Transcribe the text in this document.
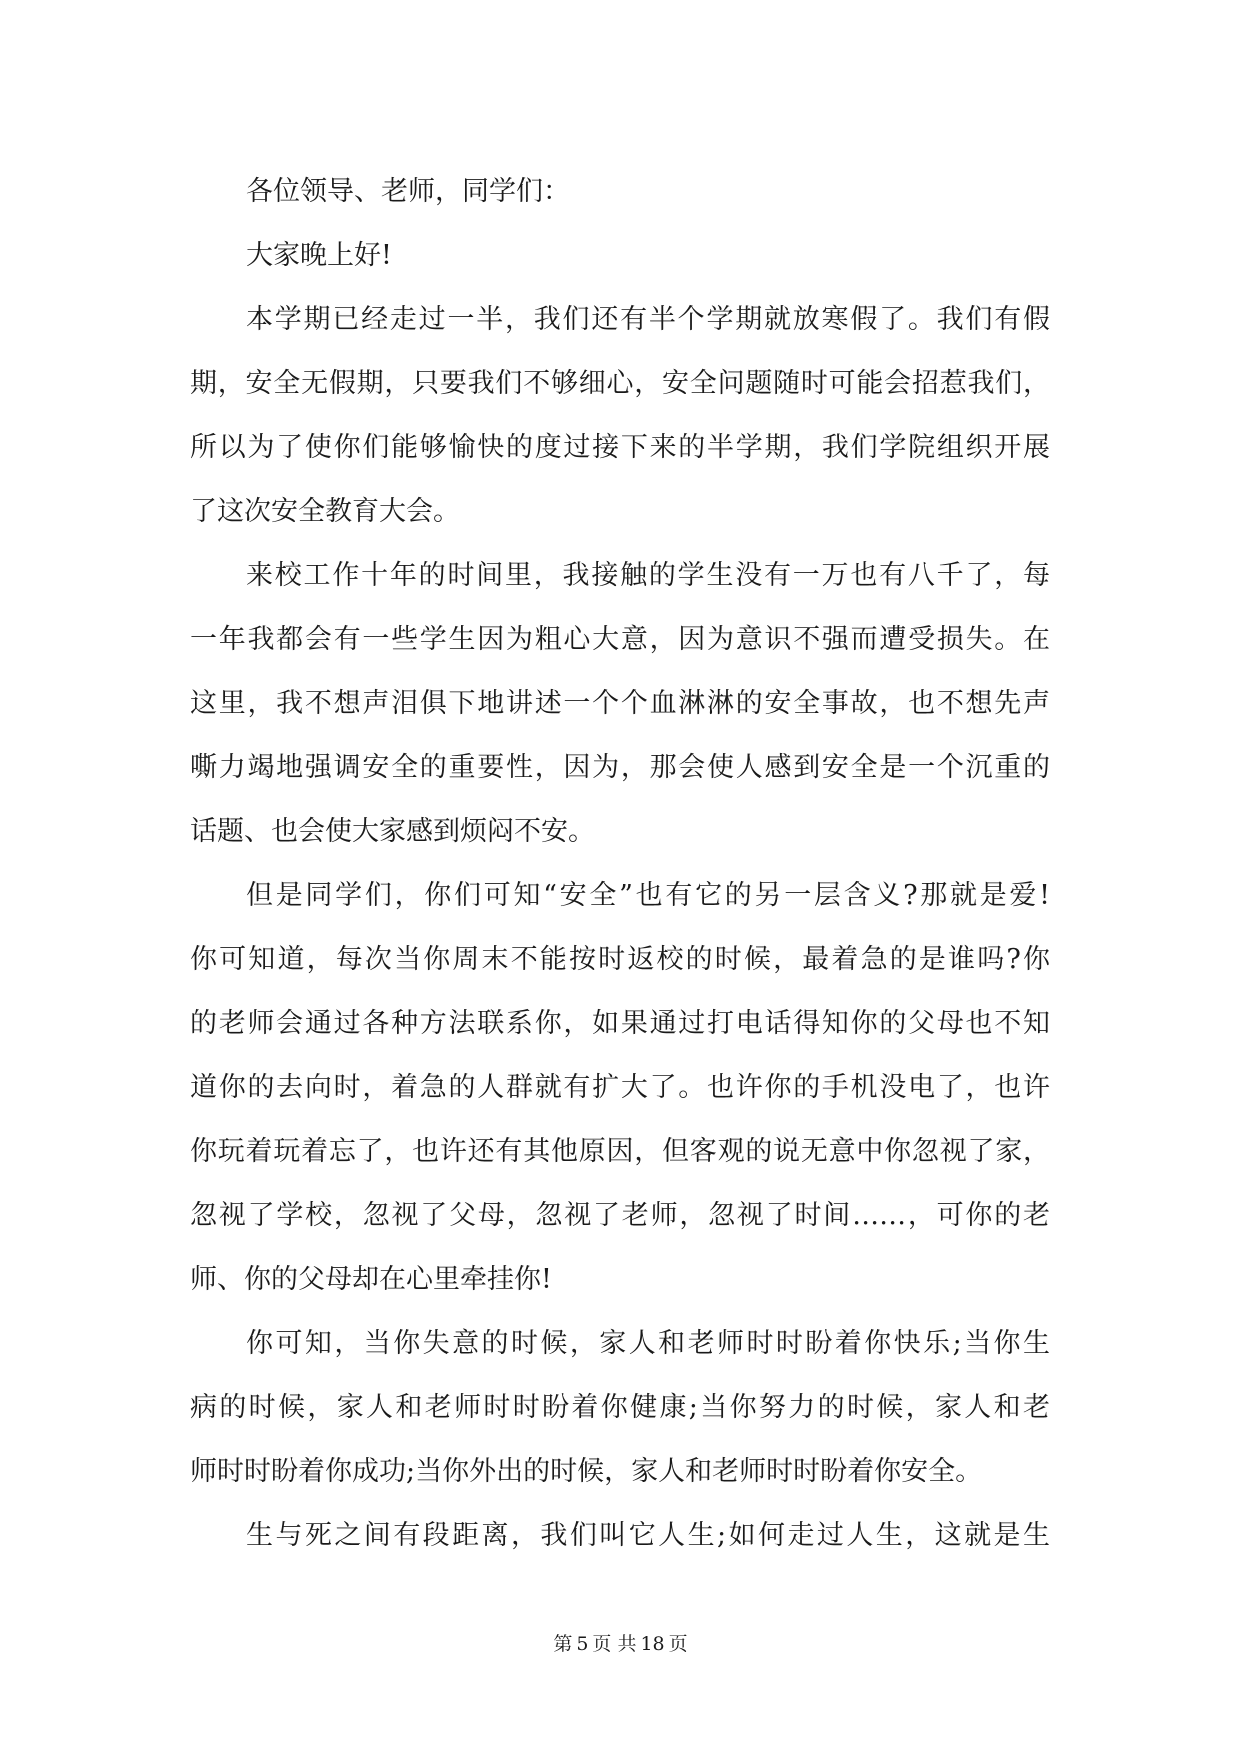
各位领导、老师，同学们：
大家晚上好!
本学期已经走过一半，我们还有半个学期就放寒假了。我们有假
期，安全无假期，只要我们不够细心，安全问题随时可能会招惹我们，
所以为了使你们能够愉快的度过接下来的半学期，我们学院组织开展
了这次安全教育大会。
来校工作十年的时间里，我接触的学生没有一万也有八千了，每
一年我都会有一些学生因为粗心大意，因为意识不强而遭受损失。在
这里，我不想声泪俱下地讲述一个个血淋淋的安全事故，也不想先声
嘶力竭地强调安全的重要性，因为，那会使人感到安全是一个沉重的
话题、也会使大家感到烦闷不安。
但是同学们，你们可知“安全”也有它的另一层含义?那就是爱!
你可知道，每次当你周末不能按时返校的时候，最着急的是谁吗?你
的老师会通过各种方法联系你，如果通过打电话得知你的父母也不知
道你的去向时，着急的人群就有扩大了。也许你的手机没电了，也许
你玩着玩着忘了，也许还有其他原因，但客观的说无意中你忽视了家，
忽视了学校，忽视了父母，忽视了老师，忽视了时间……，可你的老
师、你的父母却在心里牵挂你!
你可知，当你失意的时候，家人和老师时时盼着你快乐;当你生
病的时候，家人和老师时时盼着你健康;当你努力的时候，家人和老
师时时盼着你成功;当你外出的时候，家人和老师时时盼着你安全。
生与死之间有段距离，我们叫它人生;如何走过人生，这就是生
第 5 页 共 18 页
